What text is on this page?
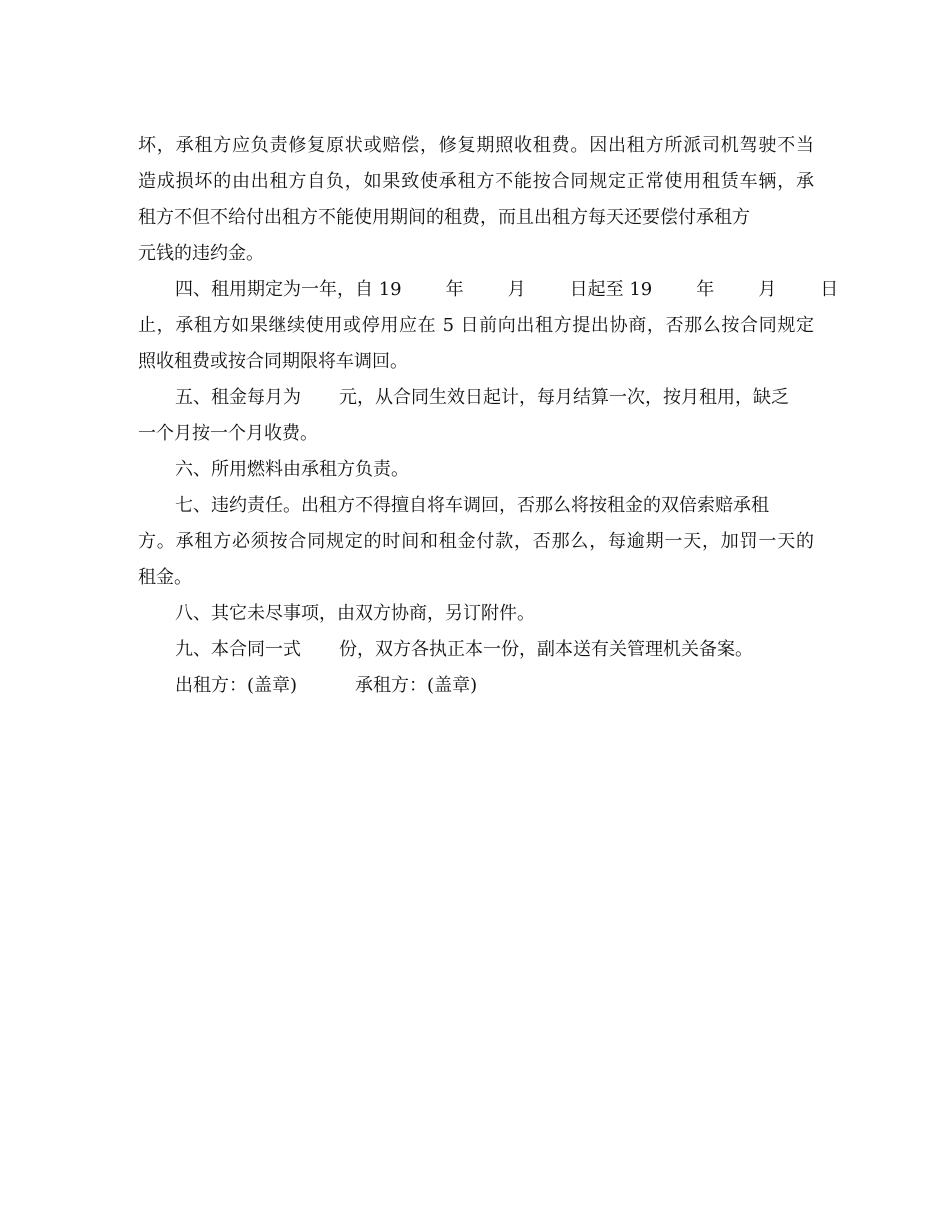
坏，承租方应负责修复原状或赔偿，修复期照收租费。因出租方所派司机驾驶不当
造成损坏的由出租方自负，如果致使承租方不能按合同规定正常使用租赁车辆，承
租方不但不给付出租方不能使用期间的租费，而且出租方每天还要偿付承租方
元钱的违约金。
四、租用期定为一年，自 19 年 月 日起至 19 年 月 日
止，承租方如果继续使用或停用应在 5 日前向出租方提出协商，否那么按合同规定
照收租费或按合同期限将车调回。
五、租金每月为 元，从合同生效日起计，每月结算一次，按月租用，缺乏
一个月按一个月收费。
六、所用燃料由承租方负责。
七、违约责任。出租方不得擅自将车调回，否那么将按租金的双倍索赔承租
方。承租方必须按合同规定的时间和租金付款，否那么，每逾期一天，加罚一天的
租金。
八、其它未尽事项，由双方协商，另订附件。
九、本合同一式 份，双方各执正本一份，副本送有关管理机关备案。
出租方：(盖章)	承租方：(盖章)
